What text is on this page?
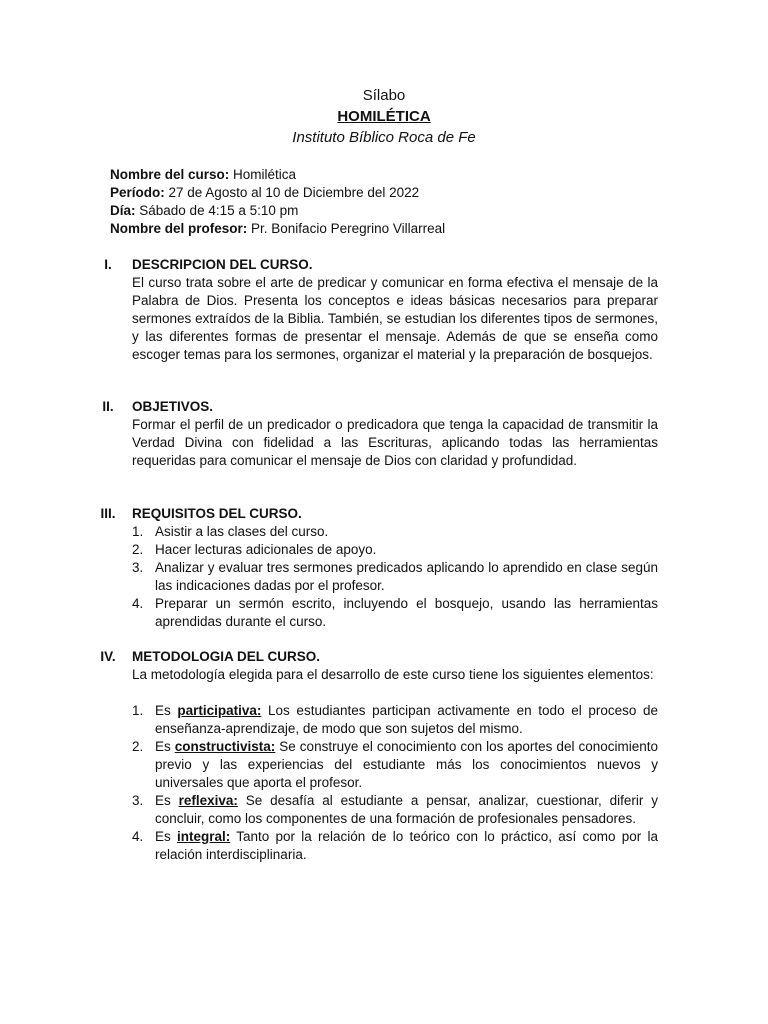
Sílabo
HOMILÉTICA
Instituto Bíblico Roca de Fe
Nombre del curso: Homilética
Período: 27 de Agosto al 10 de Diciembre del 2022
Día: Sábado de 4:15 a 5:10 pm
Nombre del profesor: Pr. Bonifacio Peregrino Villarreal
I.	DESCRIPCION DEL CURSO.
El curso trata sobre el arte de predicar y comunicar en forma efectiva el mensaje de la Palabra de Dios. Presenta los conceptos e ideas básicas necesarios para preparar sermones extraídos de la Biblia. También, se estudian los diferentes tipos de sermones, y las diferentes formas de presentar el mensaje. Además de que se enseña como escoger temas para los sermones, organizar el material y la preparación de bosquejos.
II.	OBJETIVOS.
Formar el perfil de un predicador o predicadora que tenga la capacidad de transmitir la Verdad Divina con fidelidad a las Escrituras, aplicando todas las herramientas requeridas para comunicar el mensaje de Dios con claridad y profundidad.
III.	REQUISITOS DEL CURSO.
1. Asistir a las clases del curso.
2. Hacer lecturas adicionales de apoyo.
3. Analizar y evaluar tres sermones predicados aplicando lo aprendido en clase según las indicaciones dadas por el profesor.
4. Preparar un sermón escrito, incluyendo el bosquejo, usando las herramientas aprendidas durante el curso.
IV.	METODOLOGIA DEL CURSO.
La metodología elegida para el desarrollo de este curso tiene los siguientes elementos:
1. Es participativa: Los estudiantes participan activamente en todo el proceso de enseñanza-aprendizaje, de modo que son sujetos del mismo.
2. Es constructivista: Se construye el conocimiento con los aportes del conocimiento previo y las experiencias del estudiante más los conocimientos nuevos y universales que aporta el profesor.
3. Es reflexiva: Se desafía al estudiante a pensar, analizar, cuestionar, diferir y concluir, como los componentes de una formación de profesionales pensadores.
4. Es integral: Tanto por la relación de lo teórico con lo práctico, así como por la relación interdisciplinaria.
